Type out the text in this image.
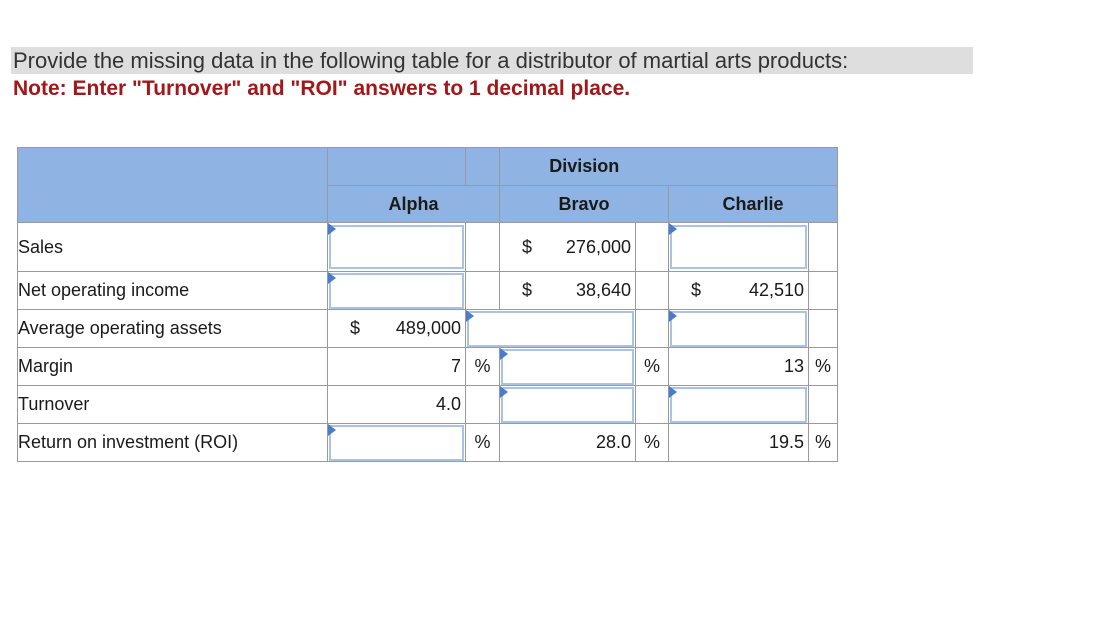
Provide the missing data in the following table for a distributor of martial arts products:
Note: Enter "Turnover" and "ROI" answers to 1 decimal place.
			Division			
	Alpha		Bravo		Charlie	
Sales			$ 276,000

Net operating income			$ 38,640		$ 42,510	

Average operating assets	$ 489,000

Margin	7	%		%	13	%
Turnover	4.0		

Return on investment (ROI)		%	28.0	%	19.5	%
